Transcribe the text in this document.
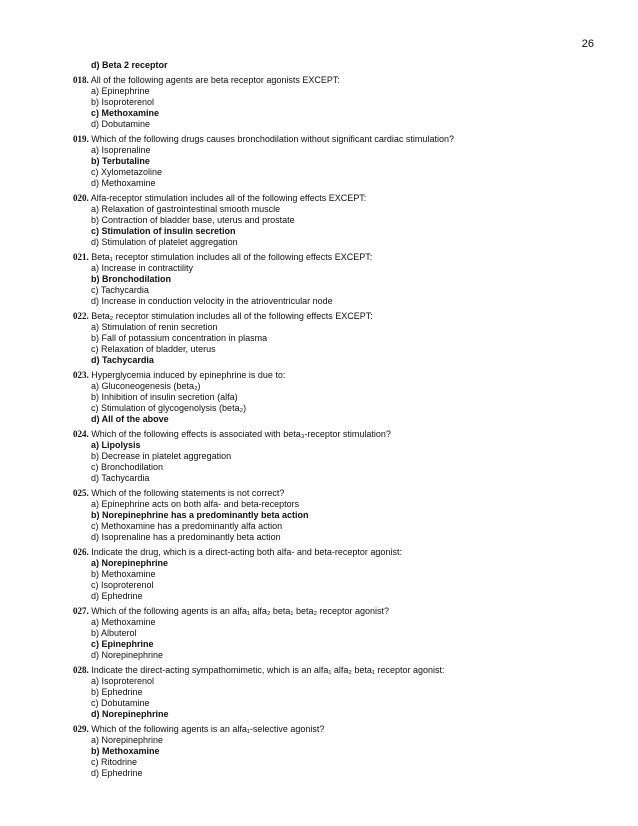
26
d) Beta 2 receptor
018. All of the following agents are beta receptor agonists EXCEPT:
a) Epinephrine
b) Isoproterenol
c) Methoxamine
d) Dobutamine
019. Which of the following drugs causes bronchodilation without significant cardiac stimulation?
a) Isoprenaline
b) Terbutaline
c) Xylometazoline
d) Methoxamine
020. Alfa-receptor stimulation includes all of the following effects EXCEPT:
a) Relaxation of gastrointestinal smooth muscle
b) Contraction of bladder base, uterus and prostate
c) Stimulation of insulin secretion
d) Stimulation of platelet aggregation
021. Beta₁ receptor stimulation includes all of the following effects EXCEPT:
a) Increase in contractility
b) Bronchodilation
c) Tachycardia
d) Increase in conduction velocity in the atrioventricular node
022. Beta₂ receptor stimulation includes all of the following effects EXCEPT:
a) Stimulation of renin secretion
b) Fall of potassium concentration in plasma
c) Relaxation of bladder, uterus
d) Tachycardia
023. Hyperglycemia induced by epinephrine is due to:
a) Gluconeogenesis (beta₂)
b) Inhibition of insulin secretion (alfa)
c) Stimulation of glycogenolysis (beta₂)
d) All of the above
024. Which of the following effects is associated with beta₃-receptor stimulation?
a) Lipolysis
b) Decrease in platelet aggregation
c) Bronchodilation
d) Tachycardia
025. Which of the following statements is not correct?
a) Epinephrine acts on both alfa- and beta-receptors
b) Norepinephrine has a predominantly beta action
c) Methoxamine has a predominantly alfa action
d) Isoprenaline has a predominantly beta action
026. Indicate the drug, which is a direct-acting both alfa- and beta-receptor agonist:
a) Norepinephrine
b) Methoxamine
c) Isoproterenol
d) Ephedrine
027. Which of the following agents is an alfa₁ alfa₂ beta₁ beta₂ receptor agonist?
a) Methoxamine
b) Albuterol
c) Epinephrine
d) Norepinephrine
028. Indicate the direct-acting sympathomimetic, which is an alfa₁ alfa₂ beta₁ receptor agonist:
a) Isoproterenol
b) Ephedrine
c) Dobutamine
d) Norepinephrine
029. Which of the following agents is an alfa₁-selective agonist?
a) Norepinephrine
b) Methoxamine
c) Ritodrine
d) Ephedrine
